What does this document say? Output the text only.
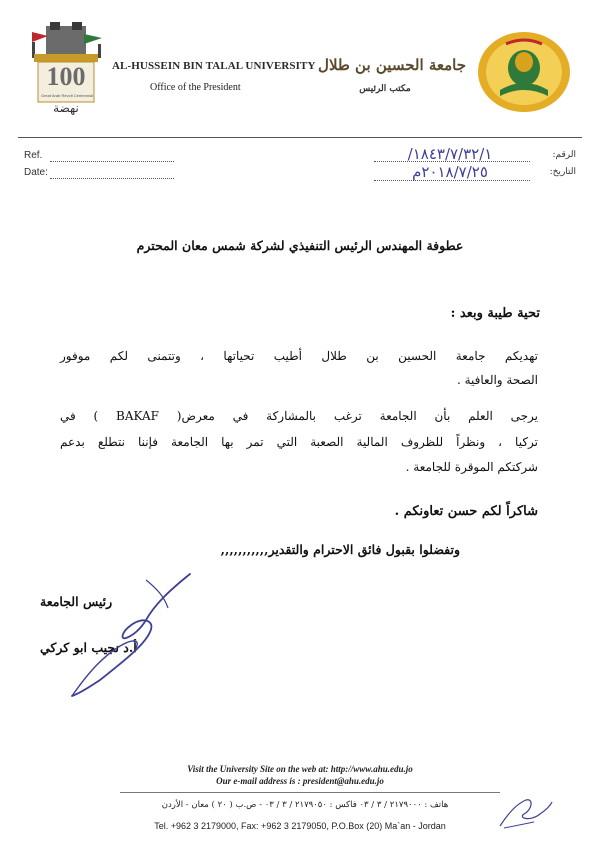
100
Great Arab Revolt Centennial
نهضة
AL-HUSSEIN BIN TALAL UNIVERSITY
Office of the President
جامعة الحسين بن طلال
مكتب الرئيس
Ref.
Date:
الرقم:
التاريخ:
١٨٤٣/٧/٣٢/١/
٢٠١٨/٧/٢٥م
عطوفة المهندس الرئيس التنفيذي لشركة شمس معان المحترم
تحية طيبة وبعد :
تهديكم جامعة الحسين بن طلال أطيب تحياتها ، وتتمنى لكم موفور
الصحة والعافية .
يرجى العلم بأن الجامعة ترغب بالمشاركة في معرض( BAKAF ) في
تركيا ، ونظراً للظروف المالية الصعبة التي تمر بها الجامعة فإننا نتطلع بدعم
شركتكم الموقرة للجامعة .
شاكراً لكم حسن تعاونكم .
وتفضلوا بقبول فائق الاحترام والتقدير,,,,,,,,,,,
رئيس الجامعة
أ.د نجيب ابو كركي
Visit the University Site on the web at: http://www.ahu.edu.jo
Our e-mail address is : president@ahu.edu.jo
هاتف : ٢١٧٩٠٠٠ / ٣ / ٠٣ فاكس : ٢١٧٩٠٥٠ / ٣ / ٠٣ - ص.ب ( ٢٠ ) معان - الأردن
Tel. +962 3 2179000, Fax: +962 3 2179050, P.O.Box (20) Ma`an - Jordan
